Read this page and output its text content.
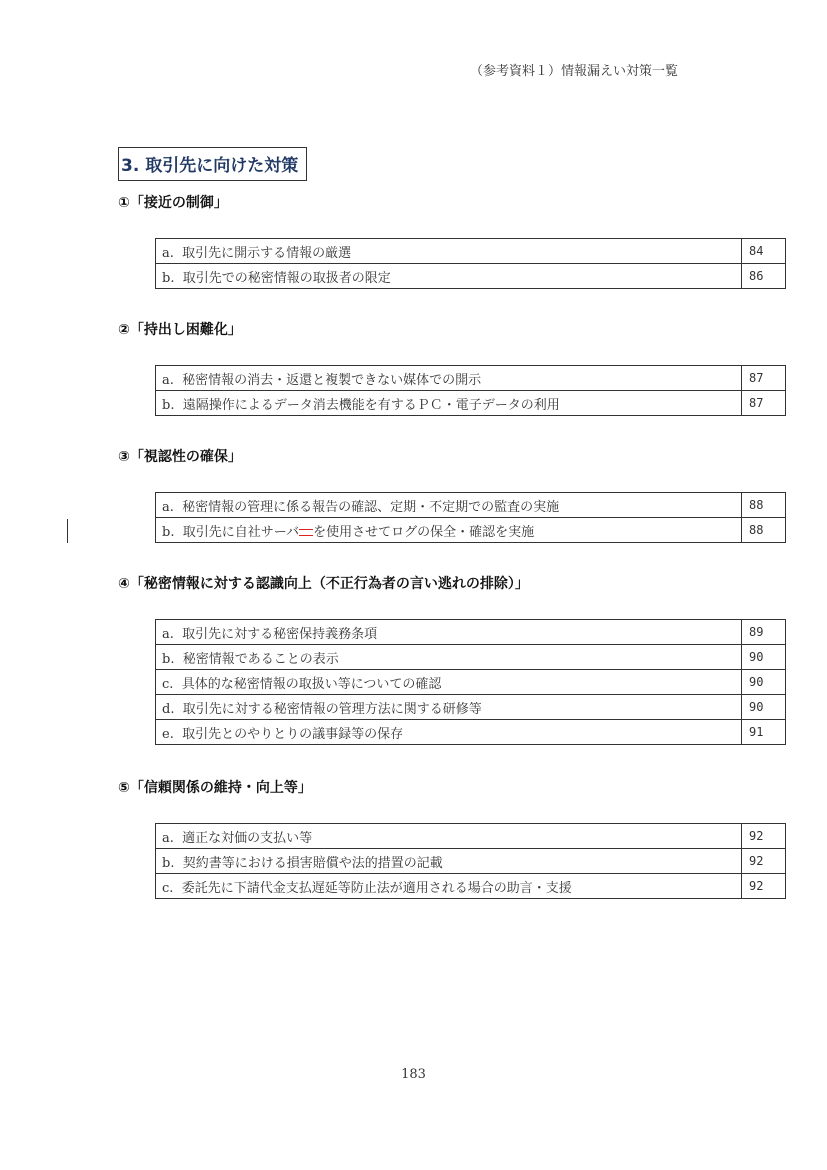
（参考資料１）情報漏えい対策一覧
3. 取引先に向けた対策
①「接近の制御」
a. 取引先に開示する情報の厳選	84
b. 取引先での秘密情報の取扱者の限定	86
②「持出し困難化」
a. 秘密情報の消去・返還と複製できない媒体での開示	87
b. 遠隔操作によるデータ消去機能を有するＰＣ・電子データの利用	87
③「視認性の確保」
a. 秘密情報の管理に係る報告の確認、定期・不定期での監査の実施	88
b. 取引先に自社サーバ を使用させてログの保全・確認を実施	88
④「秘密情報に対する認識向上（不正行為者の言い逃れの排除）」
a. 取引先に対する秘密保持義務条項	89
b. 秘密情報であることの表示	90
c. 具体的な秘密情報の取扱い等についての確認	90
d. 取引先に対する秘密情報の管理方法に関する研修等	90
e. 取引先とのやりとりの議事録等の保存	91
⑤「信頼関係の維持・向上等」
a. 適正な対価の支払い等	92
b. 契約書等における損害賠償や法的措置の記載	92
c. 委託先に下請代金支払遅延等防止法が適用される場合の助言・支援	92
183
